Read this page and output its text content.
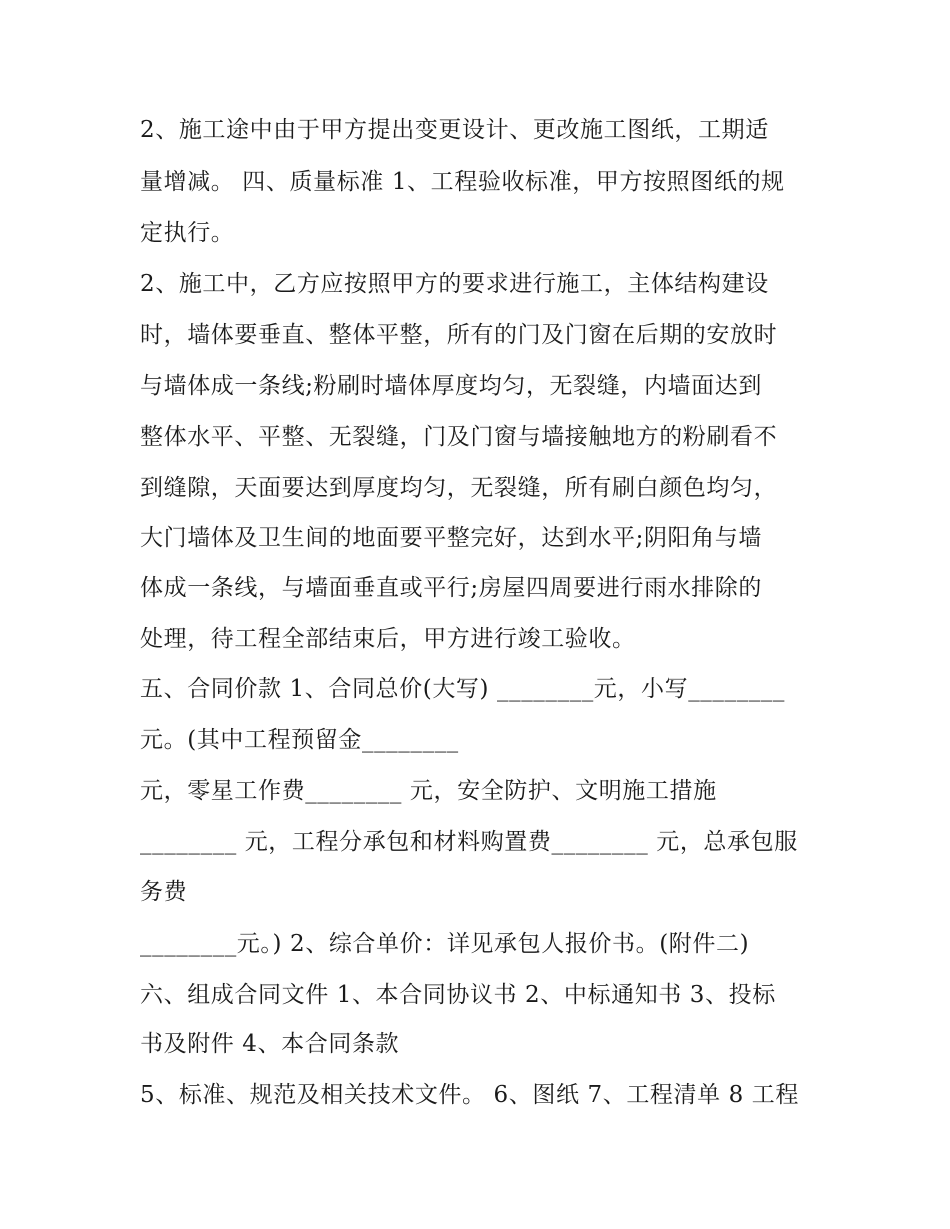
2、施工途中由于甲方提出变更设计、更改施工图纸，工期适
量增减。 四、质量标准 1、工程验收标准，甲方按照图纸的规
定执行。
2、施工中，乙方应按照甲方的要求进行施工，主体结构建设
时，墙体要垂直、整体平整，所有的门及门窗在后期的安放时
与墙体成一条线;粉刷时墙体厚度均匀，无裂缝，内墙面达到
整体水平、平整、无裂缝，门及门窗与墙接触地方的粉刷看不
到缝隙，天面要达到厚度均匀，无裂缝，所有刷白颜色均匀，
大门墙体及卫生间的地面要平整完好，达到水平;阴阳角与墙
体成一条线，与墙面垂直或平行;房屋四周要进行雨水排除的
处理，待工程全部结束后，甲方进行竣工验收。
五、合同价款 1、合同总价(大写) ________元，小写________
元。(其中工程预留金________
元，零星工作费________ 元，安全防护、文明施工措施
________ 元，工程分承包和材料购置费________ 元，总承包服
务费
________元。) 2、综合单价：详见承包人报价书。(附件二)
六、组成合同文件 1、本合同协议书 2、中标通知书 3、投标
书及附件 4、本合同条款
5、标准、规范及相关技术文件。 6、图纸 7、工程清单 8 工程
